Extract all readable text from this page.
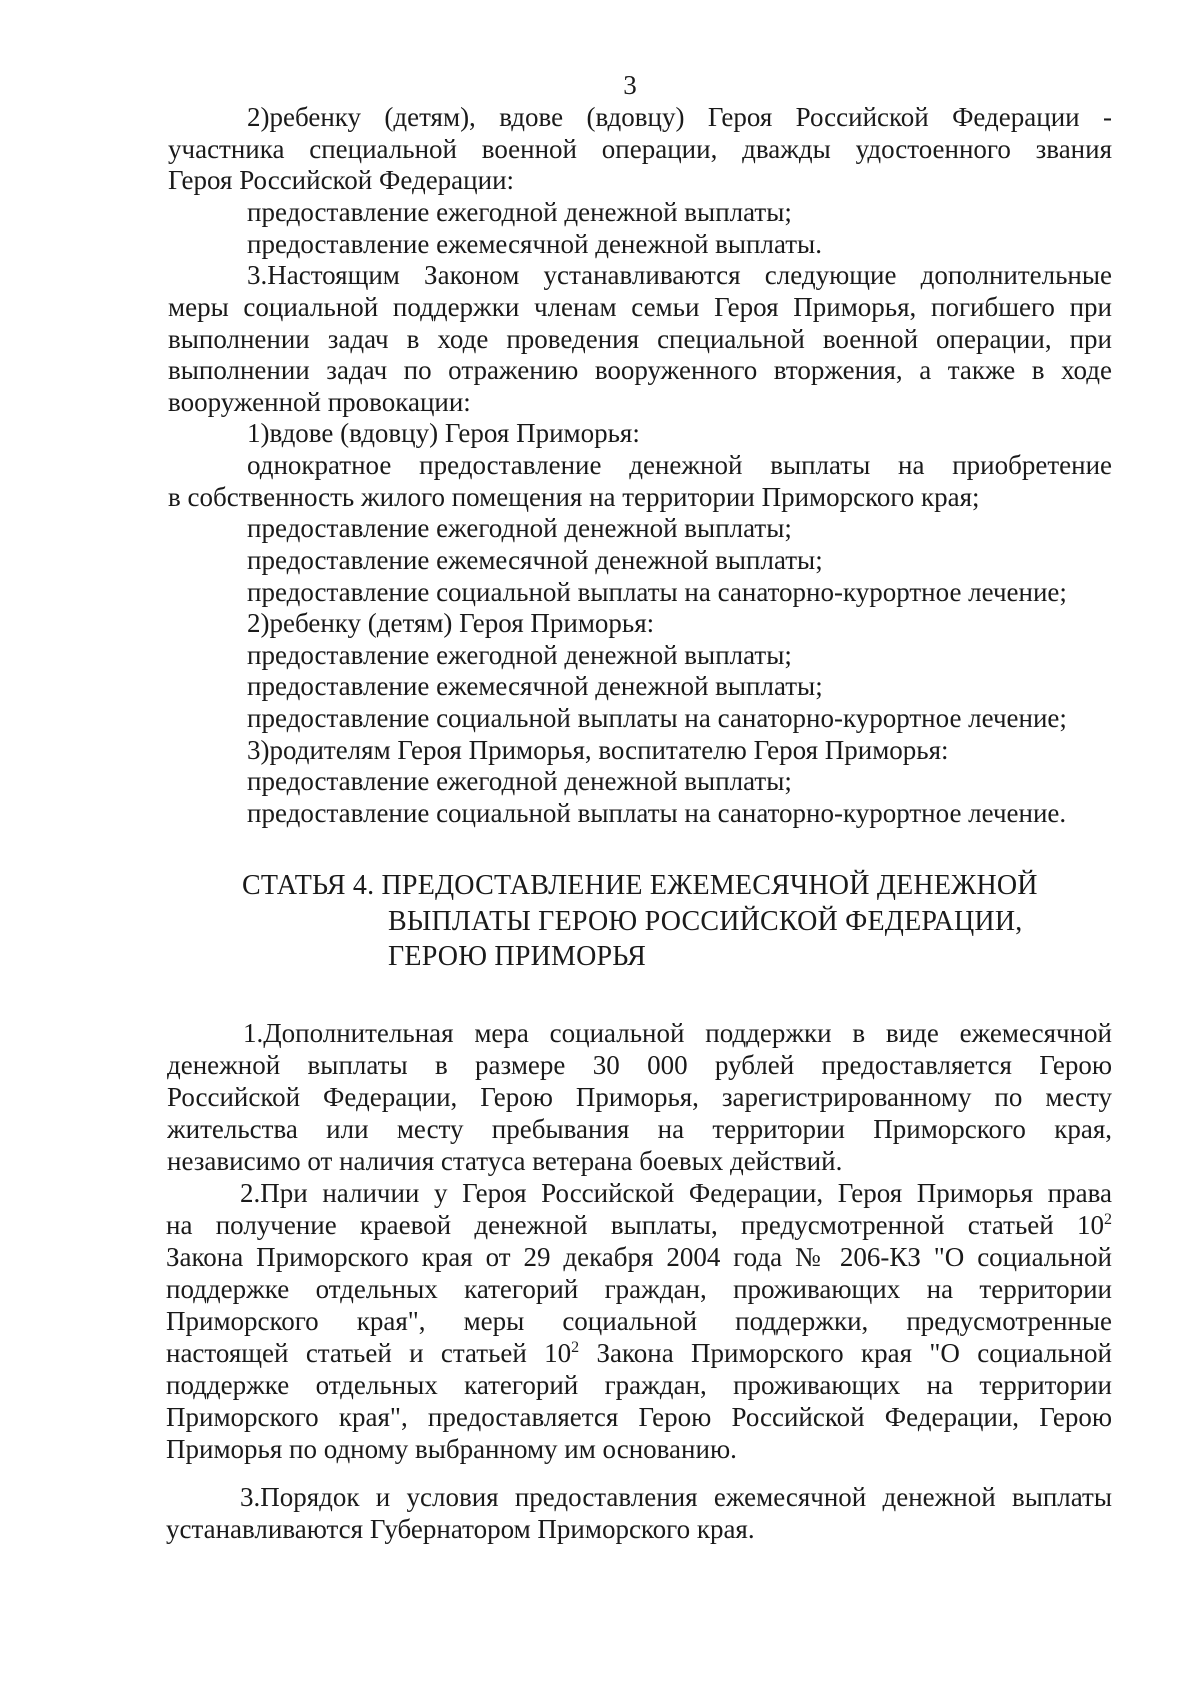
3
2)ребенку (детям), вдове (вдовцу) Героя Российской Федерации -
участника специальной военной операции, дважды удостоенного звания
Героя Российской Федерации:
предоставление ежегодной денежной выплаты;
предоставление ежемесячной денежной выплаты.
3.Настоящим Законом устанавливаются следующие дополнительные
меры социальной поддержки членам семьи Героя Приморья, погибшего при
выполнении задач в ходе проведения специальной военной операции, при
выполнении задач по отражению вооруженного вторжения, а также в ходе
вооруженной провокации:
1)вдове (вдовцу) Героя Приморья:
однократное предоставление денежной выплаты на приобретение
в собственность жилого помещения на территории Приморского края;
предоставление ежегодной денежной выплаты;
предоставление ежемесячной денежной выплаты;
предоставление социальной выплаты на санаторно-курортное лечение;
2)ребенку (детям) Героя Приморья:
предоставление ежегодной денежной выплаты;
предоставление ежемесячной денежной выплаты;
предоставление социальной выплаты на санаторно-курортное лечение;
3)родителям Героя Приморья, воспитателю Героя Приморья:
предоставление ежегодной денежной выплаты;
предоставление социальной выплаты на санаторно-курортное лечение.
СТАТЬЯ 4. ПРЕДОСТАВЛЕНИЕ ЕЖЕМЕСЯЧНОЙ ДЕНЕЖНОЙ
ВЫПЛАТЫ ГЕРОЮ РОССИЙСКОЙ ФЕДЕРАЦИИ,
ГЕРОЮ ПРИМОРЬЯ
1.Дополнительная мера социальной поддержки в виде ежемесячной
денежной выплаты в размере 30 000 рублей предоставляется Герою
Российской Федерации, Герою Приморья, зарегистрированному по месту
жительства или месту пребывания на территории Приморского края,
независимо от наличия статуса ветерана боевых действий.
2.При наличии у Героя Российской Федерации, Героя Приморья права
на получение краевой денежной выплаты, предусмотренной статьей $10^2$
Закона Приморского края от 29 декабря 2004 года № 206-КЗ "О социальной
поддержке отдельных категорий граждан, проживающих на территории
Приморского края", меры социальной поддержки, предусмотренные
настоящей статьей и статьей $10^2$ Закона Приморского края "О социальной
поддержке отдельных категорий граждан, проживающих на территории
Приморского края", предоставляется Герою Российской Федерации, Герою
Приморья по одному выбранному им основанию.
3.Порядок и условия предоставления ежемесячной денежной выплаты
устанавливаются Губернатором Приморского края.
